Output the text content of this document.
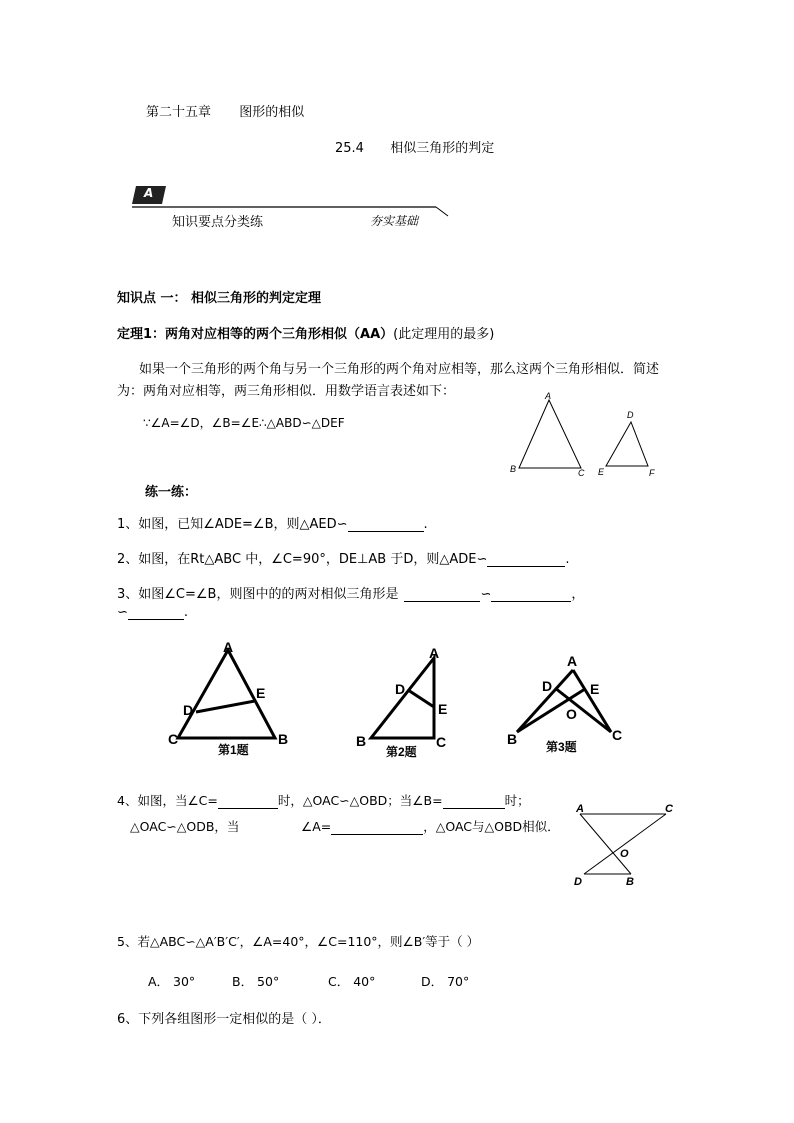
第二十五章 图形的相似
25.4 相似三角形的判定
A
知识要点分类练	夯实基础
知识点 一： 相似三角形的判定定理
定理1：两角对应相等的两个三角形相似（AA）(此定理用的最多)
如果一个三角形的两个角与另一个三角形的两个角对应相等，那么这两个三角形相似．简述
为：两角对应相等，两三角形相似．用数学语言表述如下：
∵∠A=∠D，∠B=∠E∴△ABD∽△DEF
A
B	C
D
E	F
练一练：
1、如图，已知∠ADE=∠B，则△AED∽	.
2、如图，在Rt△ABC 中，∠C=90°，DE⊥AB 于D，则△ADE∽	.
3、如图∠C=∠B，则图中的的两对相似三角形是	∽	，
∽	.
A
D
E
C	B
第1题
A
D
E
B	C
第2题
A
D	E
O
B	C
第3题
4、如图，当∠C=	时，△OAC∽△OBD；当∠B=	时；
△OAC∽△ODB，当	∠A=	，△OAC与△OBD相似．
A	C
O
D	B
5、若△ABC∽△A′B′C′，∠A=40°，∠C=110°，则∠B′等于（ ）
A． 30°	B． 50°	C． 40°	D． 70°
6、下列各组图形一定相似的是（ ）．
